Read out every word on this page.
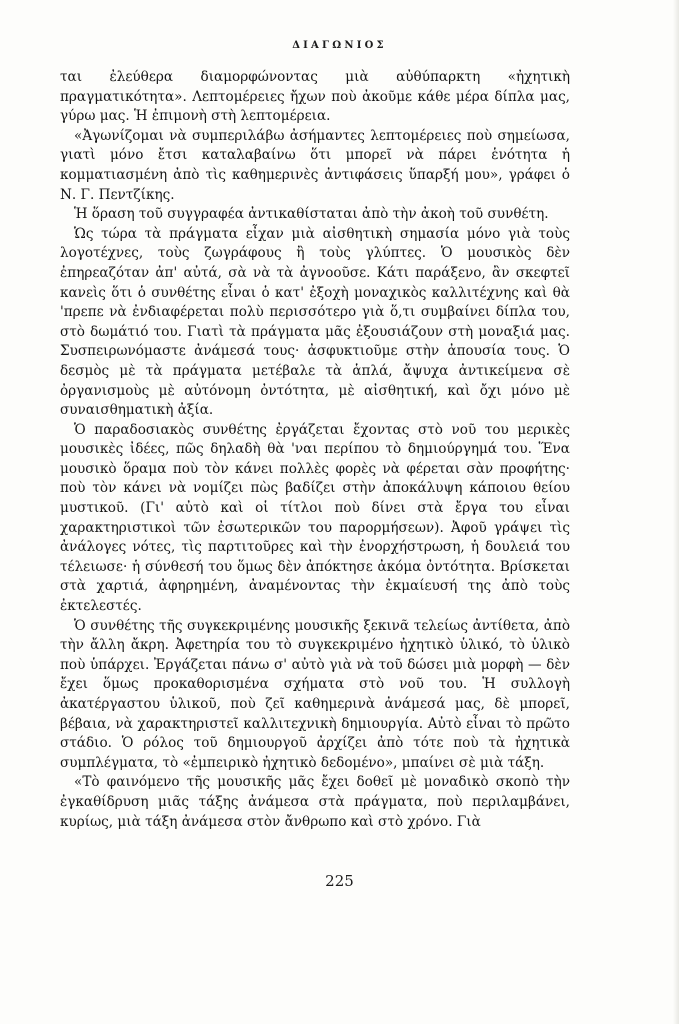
ΔΙΑΓΩΝΙΟΣ

ται ἐλεύθερα διαμορφώνοντας μιὰ αὐθύπαρκτη «ἠχητικὴ πραγματικότητα». Λεπτομέρειες ἤχων ποὺ ἀκοῦμε κάθε μέρα δίπλα μας, γύρω μας. Ἡ ἐπιμονὴ στὴ λεπτομέρεια.

«Ἀγωνίζομαι νὰ συμπεριλάβω ἀσήμαντες λεπτομέρειες ποὺ σημείωσα, γιατὶ μόνο ἔτσι καταλαβαίνω ὅτι μπορεῖ νὰ πάρει ἑνότητα ἡ κομματιασμένη ἀπὸ τὶς καθημερινὲς ἀντιφάσεις ὕπαρξή μου», γράφει ὁ Ν. Γ. Πεντζίκης.

Ἡ ὅραση τοῦ συγγραφέα ἀντικαθίσταται ἀπὸ τὴν ἀκοὴ τοῦ συνθέτη.

Ὡς τώρα τὰ πράγματα εἶχαν μιὰ αἰσθητικὴ σημασία μόνο γιὰ τοὺς λογοτέχνες, τοὺς ζωγράφους ἢ τοὺς γλύπτες. Ὁ μουσικὸς δὲν ἐπηρεαζόταν ἀπ' αὐτά, σὰ νὰ τὰ ἀγνοοῦσε. Κάτι παράξενο, ἂν σκεφτεῖ κανεὶς ὅτι ὁ συνθέτης εἶναι ὁ κατ' ἐξοχὴ μοναχικὸς καλλιτέχνης καὶ θὰ 'πρεπε νὰ ἐνδιαφέρεται πολὺ περισσότερο γιὰ ὅ,τι συμβαίνει δίπλα του, στὸ δωμάτιό του. Γιατὶ τὰ πράγματα μᾶς ἐξουσιάζουν στὴ μοναξιά μας. Συσπειρωνόμαστε ἀνάμεσά τους· ἀσφυκτιοῦμε στὴν ἀπουσία τους. Ὁ δεσμὸς μὲ τὰ πράγματα μετέβαλε τὰ ἁπλά, ἄψυχα ἀντικείμενα σὲ ὀργανισμοὺς μὲ αὐτόνομη ὀντότητα, μὲ αἰσθητική, καὶ ὄχι μόνο μὲ συναισθηματικὴ ἀξία.

Ὁ παραδοσιακὸς συνθέτης ἐργάζεται ἔχοντας στὸ νοῦ του μερικὲς μουσικὲς ἰδέες, πῶς δηλαδὴ θὰ 'ναι περίπου τὸ δημιούργημά του. Ἕνα μουσικὸ ὅραμα ποὺ τὸν κάνει πολλὲς φορὲς νὰ φέρεται σὰν προφήτης· ποὺ τὸν κάνει νὰ νομίζει πὼς βαδίζει στὴν ἀποκάλυψη κάποιου θείου μυστικοῦ. (Γι' αὐτὸ καὶ οἱ τίτλοι ποὺ δίνει στὰ ἔργα του εἶναι χαρακτηριστικοὶ τῶν ἐσωτερικῶν του παρορμήσεων). Ἀφοῦ γράψει τὶς ἀνάλογες νότες, τὶς παρτιτοῦρες καὶ τὴν ἐνορχήστρωση, ἡ δουλειά του τέλειωσε· ἡ σύνθεσή του ὅμως δὲν ἀπόκτησε ἀκόμα ὀντότητα. Βρίσκεται στὰ χαρτιά, ἀφηρημένη, ἀναμένοντας τὴν ἐκμαίευσή της ἀπὸ τοὺς ἐκτελεστές.

Ὁ συνθέτης τῆς συγκεκριμένης μουσικῆς ξεκινᾶ τελείως ἀντίθετα, ἀπὸ τὴν ἄλλη ἄκρη. Ἀφετηρία του τὸ συγκεκριμένο ἠχητικὸ ὑλικό, τὸ ὑλικὸ ποὺ ὑπάρχει. Ἐργάζεται πάνω σ' αὐτὸ γιὰ νὰ τοῦ δώσει μιὰ μορφὴ — δὲν ἔχει ὅμως προκαθορισμένα σχήματα στὸ νοῦ του. Ἡ συλλογὴ ἀκατέργαστου ὑλικοῦ, ποὺ ζεῖ καθημερινὰ ἀνάμεσά μας, δὲ μπορεῖ, βέβαια, νὰ χαρακτηριστεῖ καλλιτεχνικὴ δημιουργία. Αὐτὸ εἶναι τὸ πρῶτο στάδιο. Ὁ ρόλος τοῦ δημιουργοῦ ἀρχίζει ἀπὸ τότε ποὺ τὰ ἠχητικὰ συμπλέγματα, τὸ «ἐμπειρικὸ ἠχητικὸ δεδομένο», μπαίνει σὲ μιὰ τάξη.

«Τὸ φαινόμενο τῆς μουσικῆς μᾶς ἔχει δοθεῖ μὲ μοναδικὸ σκοπὸ τὴν ἐγκαθίδρυση μιᾶς τάξης ἀνάμεσα στὰ πράγματα, ποὺ περιλαμβάνει, κυρίως, μιὰ τάξη ἀνάμεσα στὸν ἄνθρωπο καὶ στὸ χρόνο. Γιὰ

225
